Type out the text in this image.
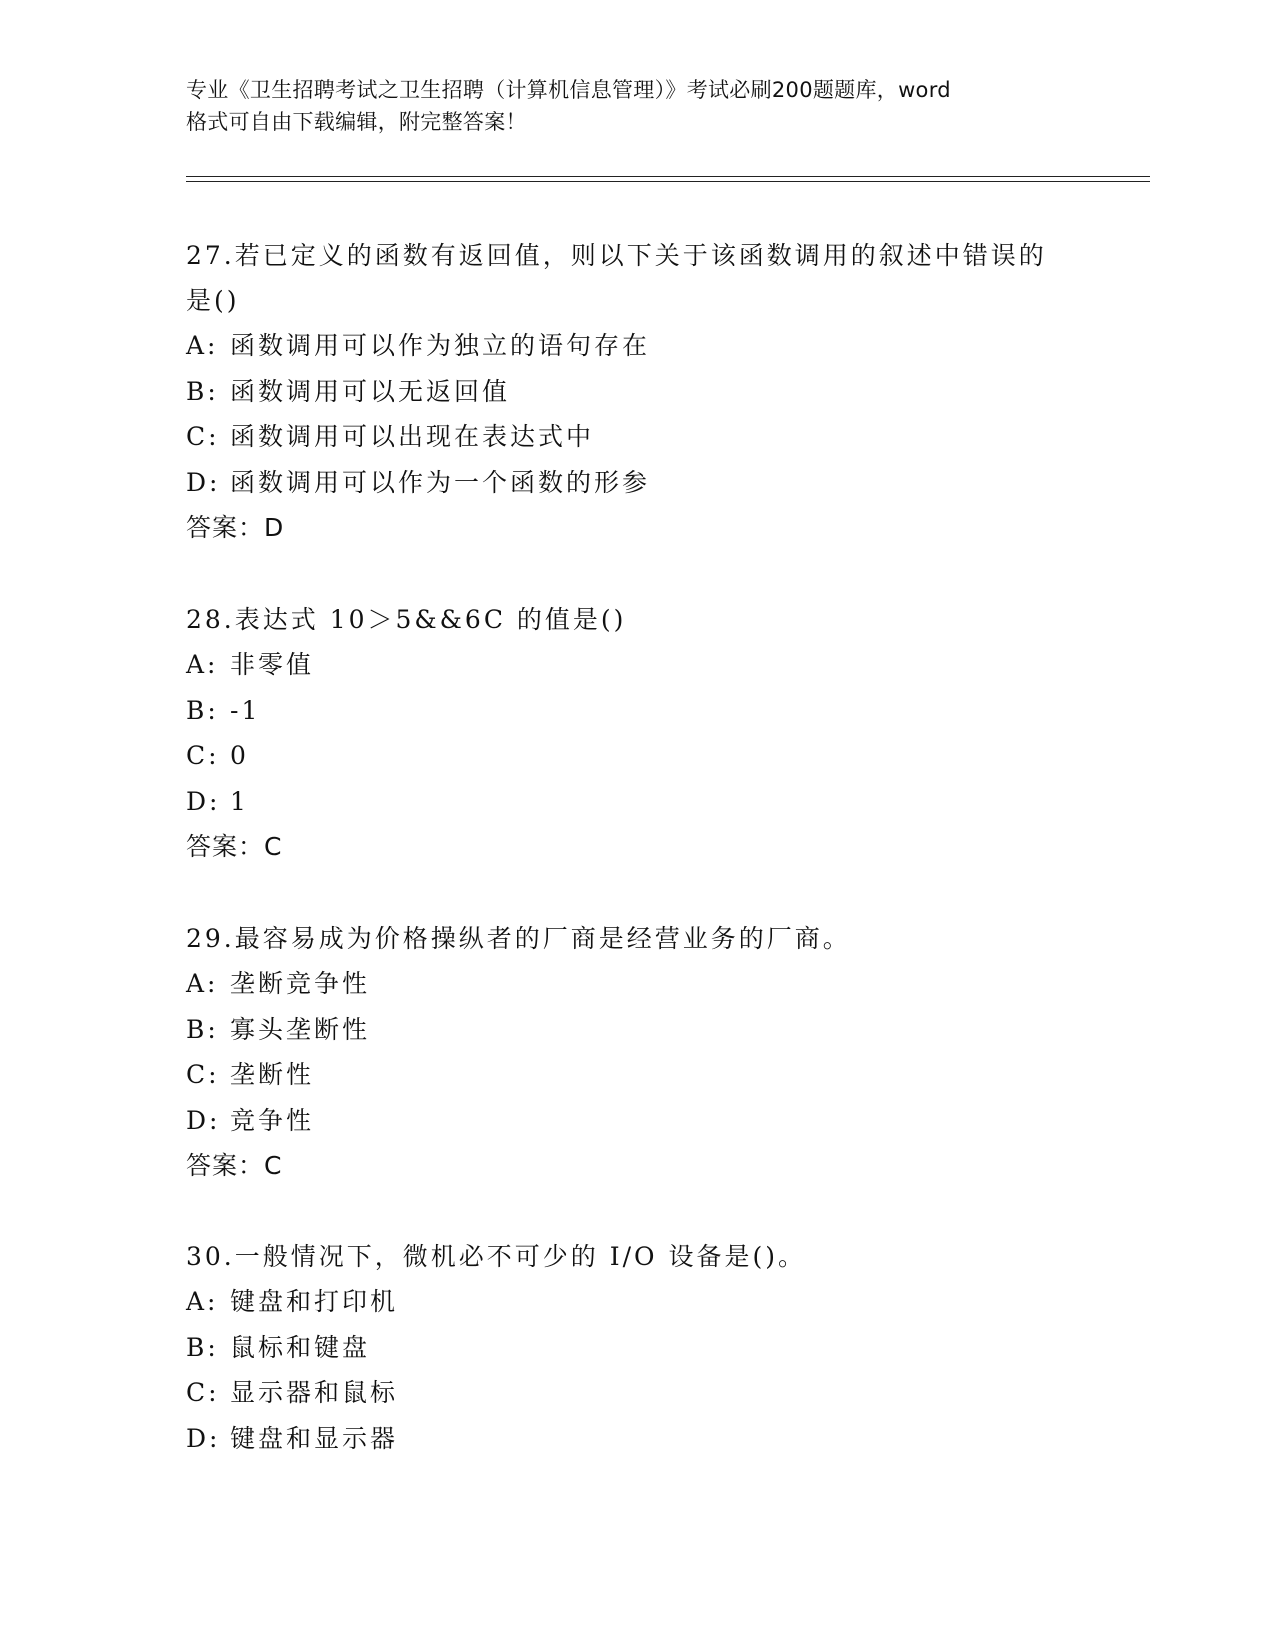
专业《卫生招聘考试之卫生招聘（计算机信息管理）》考试必刷200题题库，word
格式可自由下载编辑，附完整答案！

27.若已定义的函数有返回值，则以下关于该函数调用的叙述中错误的

是()

A: 函数调用可以作为独立的语句存在

B: 函数调用可以无返回值

C: 函数调用可以出现在表达式中

D: 函数调用可以作为一个函数的形参

答案：D

28.表达式 10＞5&&6C 的值是()

A: 非零值

B: -1

C: 0

D: 1

答案：C

29.最容易成为价格操纵者的厂商是经营业务的厂商。

A: 垄断竞争性

B: 寡头垄断性

C: 垄断性

D: 竞争性

答案：C

30.一般情况下，微机必不可少的 I/O 设备是()。

A: 键盘和打印机

B: 鼠标和键盘

C: 显示器和鼠标

D: 键盘和显示器
